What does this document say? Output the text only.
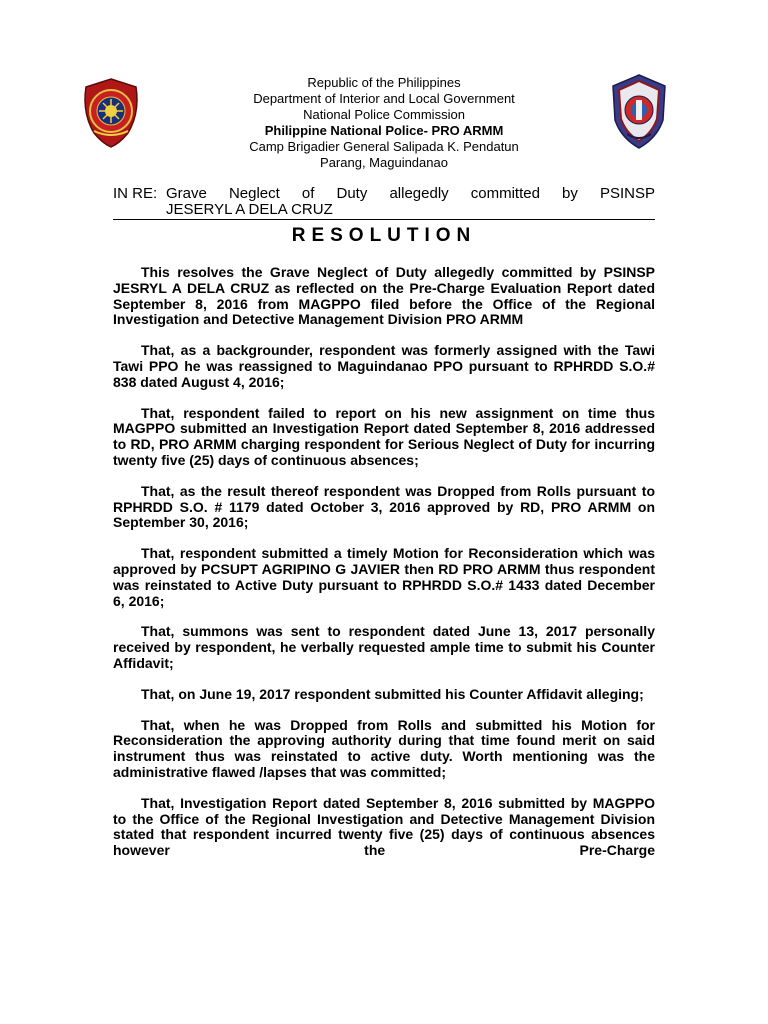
Republic of the Philippines
Department of Interior and Local Government
National Police Commission
Philippine National Police- PRO ARMM
Camp Brigadier General Salipada K. Pendatun
Parang, Maguindanao
IN RE: Grave Neglect of Duty allegedly committed by PSINSP
JESERYL A DELA CRUZ
RESOLUTION

This resolves the Grave Neglect of Duty allegedly committed by PSINSP JESRYL A DELA CRUZ as reflected on the Pre-Charge Evaluation Report dated September 8, 2016 from MAGPPO filed before the Office of the Regional Investigation and Detective Management Division PRO ARMM

That, as a backgrounder, respondent was formerly assigned with the Tawi Tawi PPO he was reassigned to Maguindanao PPO pursuant to RPHRDD S.O.# 838 dated August 4, 2016;

That, respondent failed to report on his new assignment on time thus MAGPPO submitted an Investigation Report dated September 8, 2016 addressed to RD, PRO ARMM charging respondent for Serious Neglect of Duty for incurring twenty five (25) days of continuous absences;

That, as the result thereof respondent was Dropped from Rolls pursuant to RPHRDD S.O. # 1179 dated October 3, 2016 approved by RD, PRO ARMM on September 30, 2016;

That, respondent submitted a timely Motion for Reconsideration which was approved by PCSUPT AGRIPINO G JAVIER then RD PRO ARMM thus respondent was reinstated to Active Duty pursuant to RPHRDD S.O.# 1433 dated December 6, 2016;

That, summons was sent to respondent dated June 13, 2017 personally received by respondent, he verbally requested ample time to submit his Counter Affidavit;

That, on June 19, 2017 respondent submitted his Counter Affidavit alleging;

That, when he was Dropped from Rolls and submitted his Motion for Reconsideration the approving authority during that time found merit on said instrument thus was reinstated to active duty. Worth mentioning was the administrative flawed /lapses that was committed;

That, Investigation Report dated September 8, 2016 submitted by MAGPPO to the Office of the Regional Investigation and Detective Management Division stated that respondent incurred twenty five (25) days of continuous absences however the Pre-Charge
